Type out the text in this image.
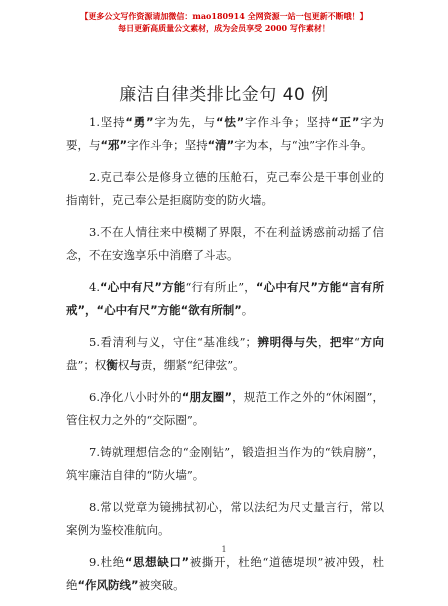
【更多公文写作资源请加微信：mao180914 全网资源一站一包更新不断哦！】
每日更新高质量公文素材，成为会员享受 2000 写作素材！
廉洁自律类排比金句 40 例

1.坚持“勇”字为先，与“怯”字作斗争；坚持“正”字为要，与“邪”字作斗争；坚持“清”字为本，与“浊”字作斗争。

2.克己奉公是修身立德的压舱石，克己奉公是干事创业的指南针，克己奉公是拒腐防变的防火墙。

3.不在人情往来中模糊了界限，不在利益诱惑前动摇了信念，不在安逸享乐中消磨了斗志。

4.“心中有尺”方能“行有所止”，“心中有尺”方能“言有所戒”，“心中有尺”方能“欲有所制”。

5.看清利与义，守住“基准线”；辨明得与失，把牢“方向盘”；权衡权与责，绷紧“纪律弦”。

6.净化八小时外的“朋友圈”，规范工作之外的“休闲圈”，管住权力之外的“交际圈”。

7.铸就理想信念的“金刚钻”，锻造担当作为的“铁肩膀”，筑牢廉洁自律的“防火墙”。

8.常以党章为镜拂拭初心，常以法纪为尺丈量言行，常以案例为鉴校准航向。

9.杜绝“思想缺口”被撕开，杜绝“道德堤坝”被冲毁，杜绝“作风防线”被突破。

1
